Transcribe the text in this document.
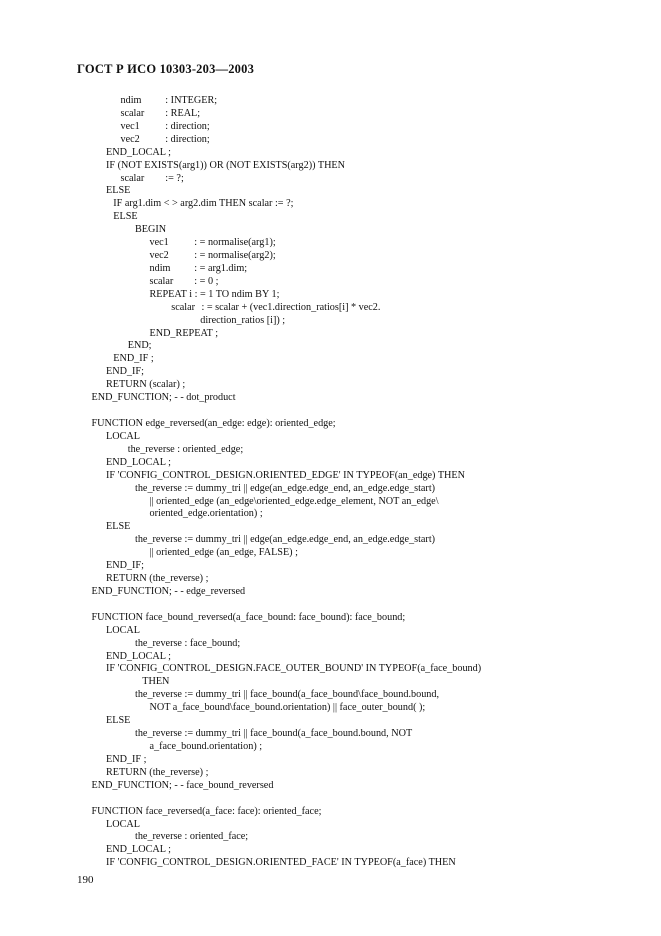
ГОСТ Р ИСО 10303-203—2003
ndim : INTEGER;
scalar : REAL;
vec1	: direction;
vec2	: direction;
END_LOCAL ;
IF (NOT EXISTS(arg1)) OR (NOT EXISTS(arg2)) THEN
scalar := ?;
ELSE
IF arg1.dim < > arg2.dim THEN scalar := ?;
ELSE
BEGIN
vec1	: = normalise(arg1);
vec2	: = normalise(arg2);
ndim : = arg1.dim;
scalar : = 0 ;
REPEAT i : = 1 TO ndim BY 1;
scalar : = scalar + (vec1.direction_ratios[i] * vec2.
direction_ratios [i]) ;
END_REPEAT ;
END;
END_IF ;
END_IF;
RETURN (scalar) ;
END_FUNCTION; - - dot_product
FUNCTION edge_reversed(an_edge: edge): oriented_edge;
LOCAL
the_reverse : oriented_edge;
END_LOCAL ;
IF 'CONFIG_CONTROL_DESIGN.ORIENTED_EDGE' IN TYPEOF(an_edge) THEN
the_reverse := dummy_tri || edge(an_edge.edge_end, an_edge.edge_start)
|| oriented_edge (an_edge\oriented_edge.edge_element, NOT an_edge\
oriented_edge.orientation) ;
ELSE
the_reverse := dummy_tri || edge(an_edge.edge_end, an_edge.edge_start)
|| oriented_edge (an_edge, FALSE) ;
END_IF;
RETURN (the_reverse) ;
END_FUNCTION; - - edge_reversed
FUNCTION face_bound_reversed(a_face_bound: face_bound): face_bound;
LOCAL
the_reverse : face_bound;
END_LOCAL ;
IF 'CONFIG_CONTROL_DESIGN.FACE_OUTER_BOUND' IN TYPEOF(a_face_bound)
THEN
the_reverse := dummy_tri || face_bound(a_face_bound\face_bound.bound,
NOT a_face_bound\face_bound.orientation) || face_outer_bound( );
ELSE
the_reverse := dummy_tri || face_bound(a_face_bound.bound, NOT
a_face_bound.orientation) ;
END_IF ;
RETURN (the_reverse) ;
END_FUNCTION; - - face_bound_reversed
FUNCTION face_reversed(a_face: face): oriented_face;
LOCAL
the_reverse : oriented_face;
END_LOCAL ;
IF 'CONFIG_CONTROL_DESIGN.ORIENTED_FACE' IN TYPEOF(a_face) THEN
190
